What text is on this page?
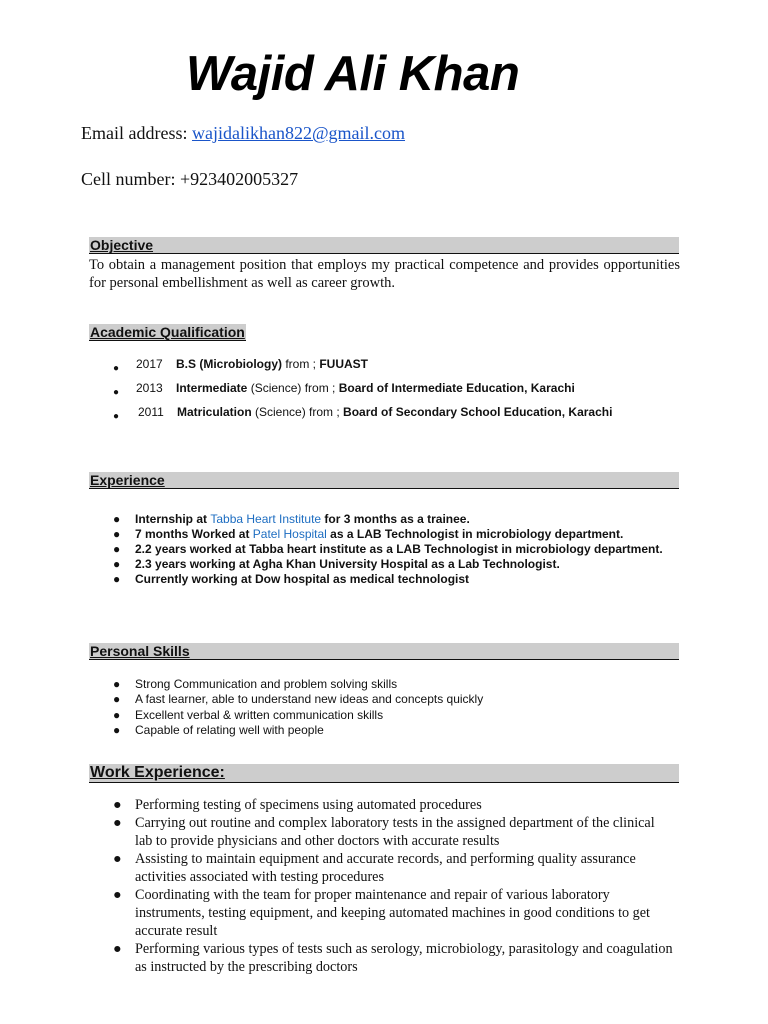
Wajid Ali Khan
Email address: wajidalikhan822@gmail.com
Cell number: +923402005327
Objective

To obtain a management position that employs my practical competence and provides opportunities for personal embellishment as well as career growth.

Academic Qualification
● 2017 B.S (Microbiology) from ; FUUAST
● 2013 Intermediate (Science) from ; Board of Intermediate Education, Karachi
● 2011 Matriculation (Science) from ; Board of Secondary School Education, Karachi
Experience
● Internship at Tabba Heart Institute for 3 months as a trainee.
● 7 months Worked at Patel Hospital as a LAB Technologist in microbiology department.
● 2.2 years worked at Tabba heart institute as a LAB Technologist in microbiology department.
● 2.3 years working at Agha Khan University Hospital as a Lab Technologist.
● Currently working at Dow hospital as medical technologist
Personal Skills
● Strong Communication and problem solving skills
● A fast learner, able to understand new ideas and concepts quickly
● Excellent verbal & written communication skills
● Capable of relating well with people
Work Experience:
● Performing testing of specimens using automated procedures
● Carrying out routine and complex laboratory tests in the assigned department of the clinical lab to provide physicians and other doctors with accurate results
● Assisting to maintain equipment and accurate records, and performing quality assurance activities associated with testing procedures
● Coordinating with the team for proper maintenance and repair of various laboratory instruments, testing equipment, and keeping automated machines in good conditions to get accurate result
● Performing various types of tests such as serology, microbiology, parasitology and coagulation as instructed by the prescribing doctors
